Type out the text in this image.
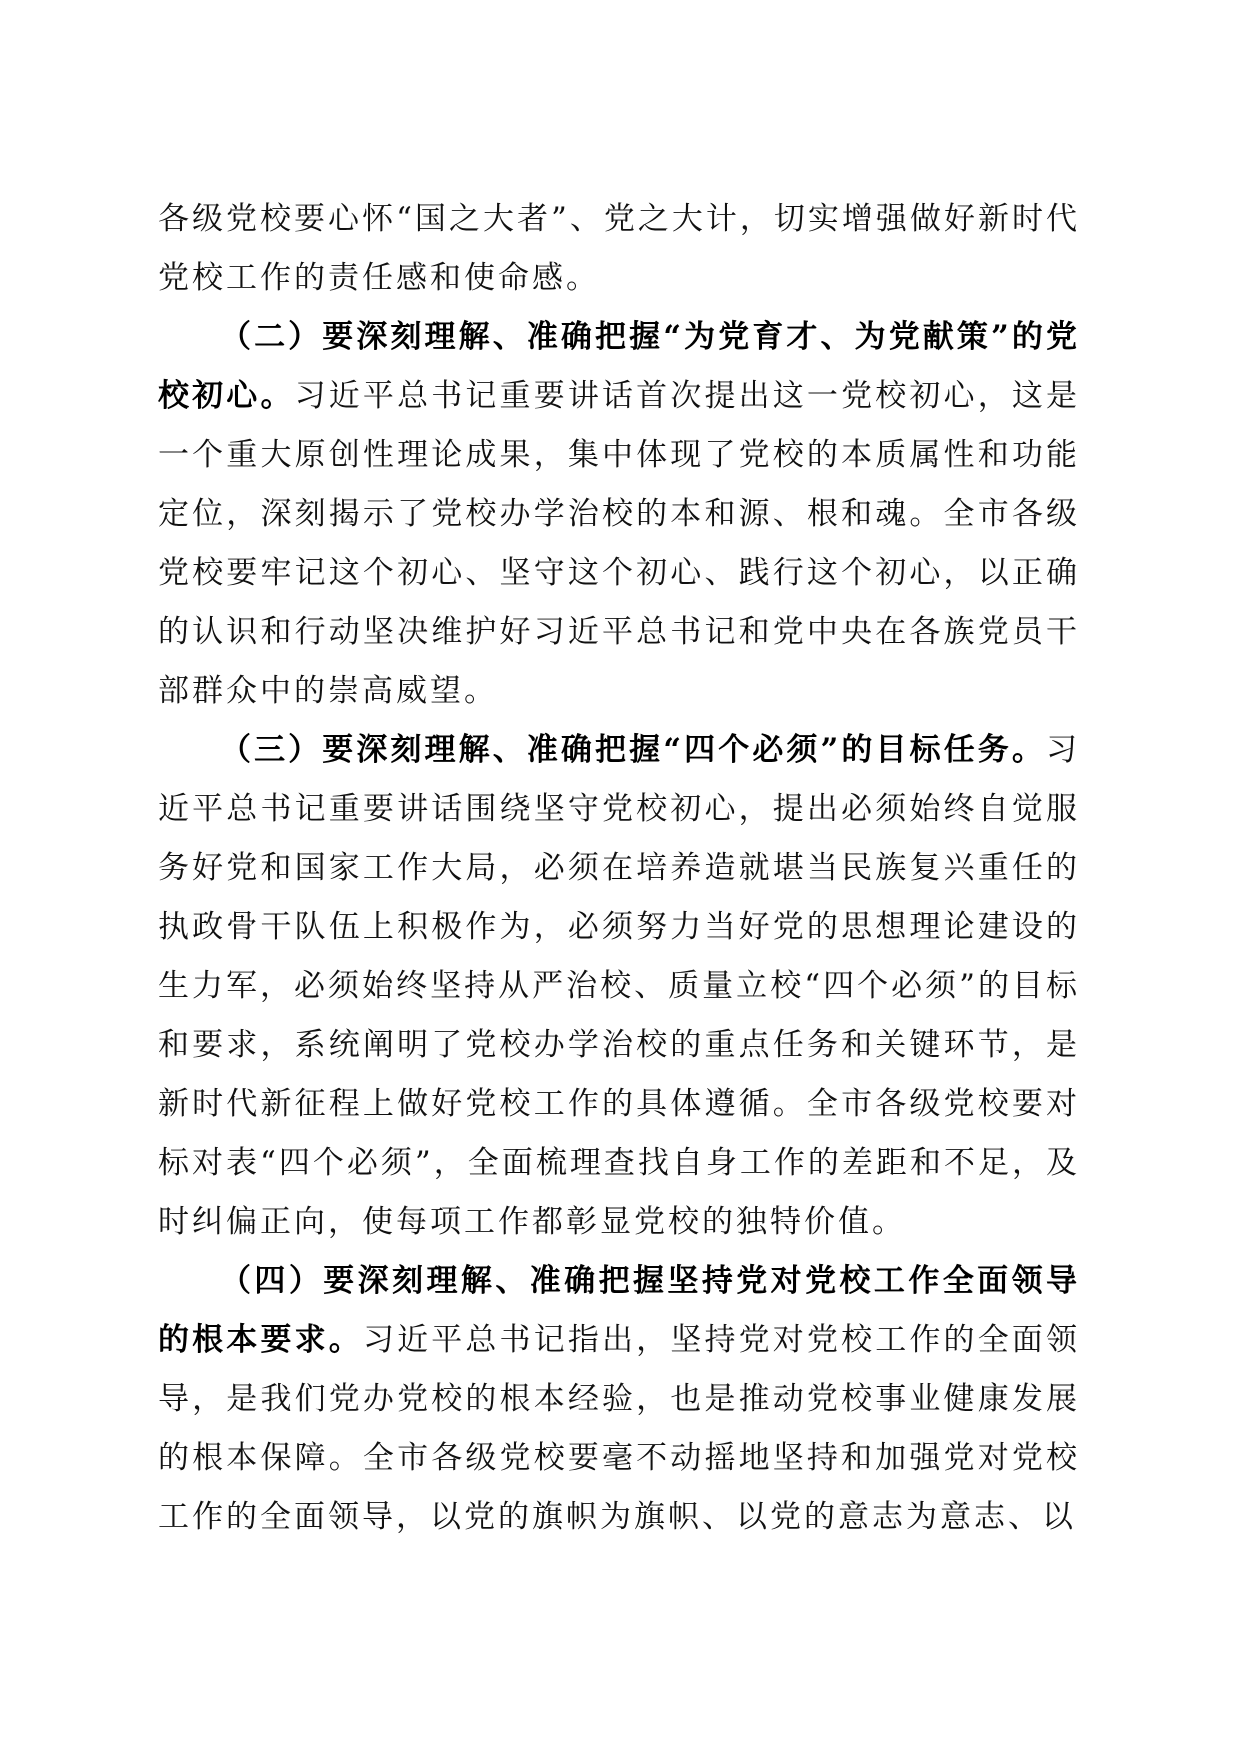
各级党校要心怀“国之大者”、党之大计，切实增强做好新时代党校工作的责任感和使命感。

（二）要深刻理解、准确把握“为党育才、为党献策”的党校初心。习近平总书记重要讲话首次提出这一党校初心，这是一个重大原创性理论成果，集中体现了党校的本质属性和功能定位，深刻揭示了党校办学治校的本和源、根和魂。全市各级党校要牢记这个初心、坚守这个初心、践行这个初心，以正确的认识和行动坚决维护好习近平总书记和党中央在各族党员干部群众中的崇高威望。

（三）要深刻理解、准确把握“四个必须”的目标任务。习近平总书记重要讲话围绕坚守党校初心，提出必须始终自觉服务好党和国家工作大局，必须在培养造就堪当民族复兴重任的执政骨干队伍上积极作为，必须努力当好党的思想理论建设的生力军，必须始终坚持从严治校、质量立校“四个必须”的目标和要求，系统阐明了党校办学治校的重点任务和关键环节，是新时代新征程上做好党校工作的具体遵循。全市各级党校要对标对表“四个必须”，全面梳理查找自身工作的差距和不足，及时纠偏正向，使每项工作都彰显党校的独特价值。

（四）要深刻理解、准确把握坚持党对党校工作全面领导的根本要求。习近平总书记指出，坚持党对党校工作的全面领导，是我们党办党校的根本经验，也是推动党校事业健康发展的根本保障。全市各级党校要毫不动摇地坚持和加强党对党校工作的全面领导，以党的旗帜为旗帜、以党的意志为意志、以
